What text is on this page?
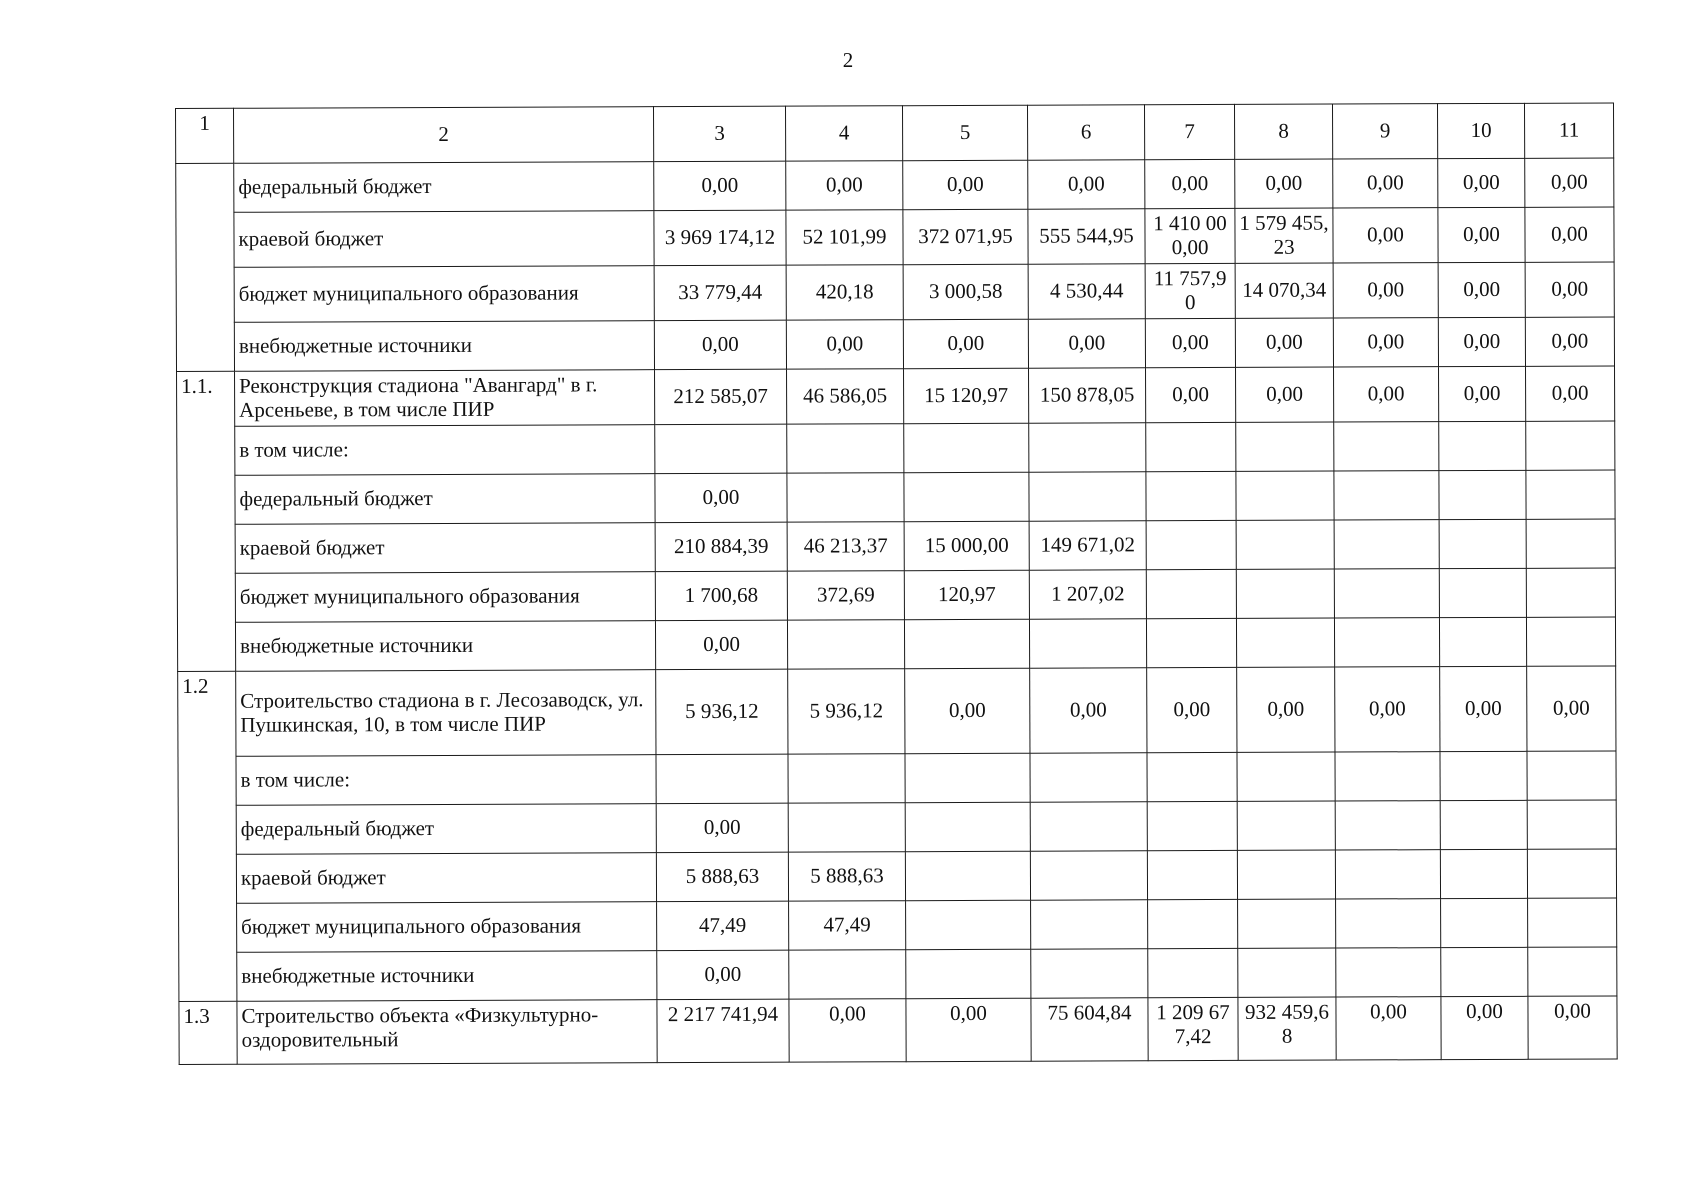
2
1	2	3	4	5	6	7	8	9	10	11
	федеральный бюджет	0,00	0,00	0,00	0,00	0,00	0,00	0,00	0,00	0,00
	краевой бюджет	3 969 174,12	52 101,99	372 071,95	555 544,95	1 410 000,00	1 579 455,23	0,00	0,00	0,00
	бюджет муниципального образования	33 779,44	420,18	3 000,58	4 530,44	11 757,90	14 070,34	0,00	0,00	0,00
	внебюджетные источники	0,00	0,00	0,00	0,00	0,00	0,00	0,00	0,00	0,00
1.1.	Реконструкция стадиона "Авангард" в г. Арсеньеве, в том числе ПИР	212 585,07	46 586,05	15 120,97	150 878,05	0,00	0,00	0,00	0,00	0,00
	в том числе:									
	федеральный бюджет	0,00								
	краевой бюджет	210 884,39	46 213,37	15 000,00	149 671,02					
	бюджет муниципального образования	1 700,68	372,69	120,97	1 207,02					
	внебюджетные источники	0,00								
1.2	Строительство стадиона в г. Лесозаводск, ул. Пушкинская, 10, в том числе ПИР	5 936,12	5 936,12	0,00	0,00	0,00	0,00	0,00	0,00	0,00
	в том числе:									
	федеральный бюджет	0,00								
	краевой бюджет	5 888,63	5 888,63							
	бюджет муниципального образования	47,49	47,49							
	внебюджетные источники	0,00								
1.3	Строительство объекта «Физкультурно-оздоровительный	2 217 741,94	0,00	0,00	75 604,84	1 209 677,42	932 459,68	0,00	0,00	0,00
